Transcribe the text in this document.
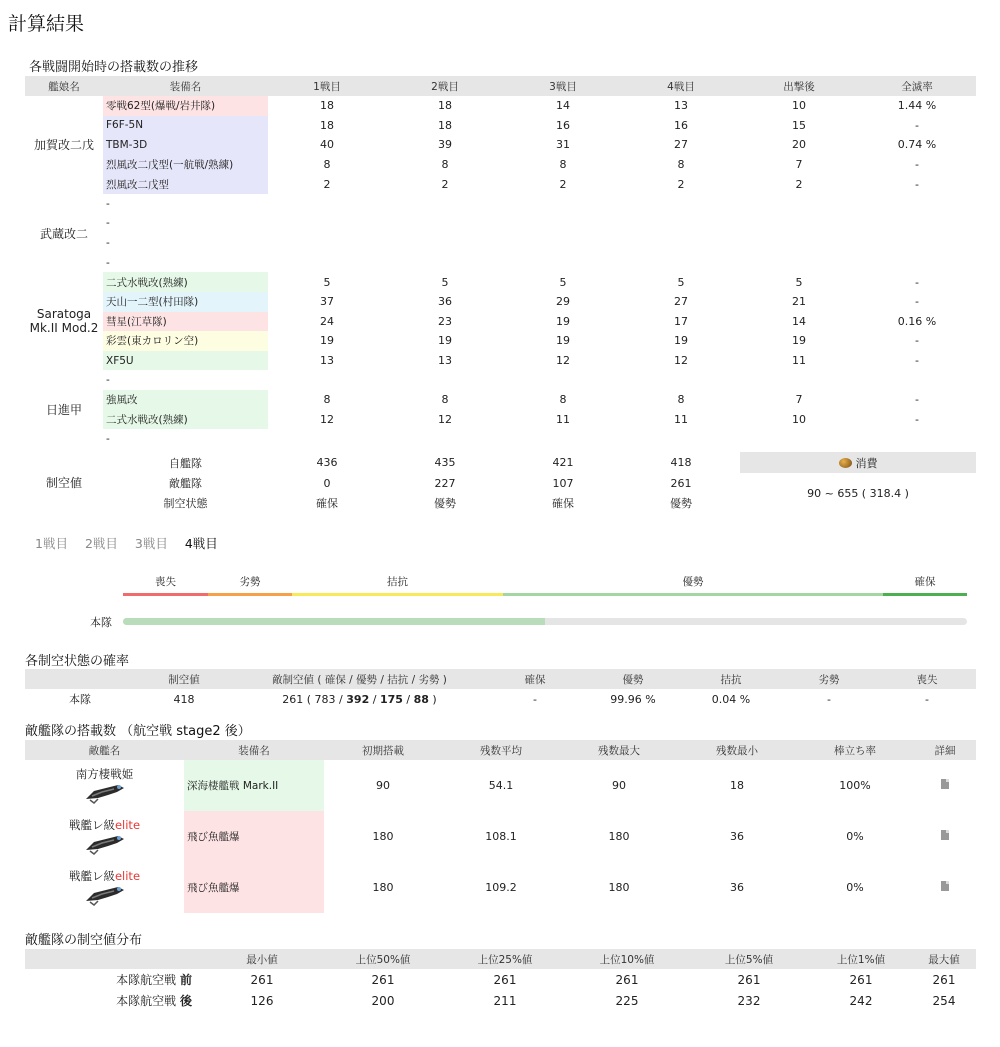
計算結果
各戦闘開始時の搭載数の推移
艦娘名	装備名	1戦目	2戦目	3戦目	4戦目	出撃後	全滅率
加賀改二戊	零戦62型(爆戦/岩井隊)	18	18	14	13	10	1.44 %
	F6F-5N	18	18	16	16	15	-
	TBM-3D	40	39	31	27	20	0.74 %
	烈風改二戊型(一航戦/熟練)	8	8	8	8	7	-
	烈風改二戊型	2	2	2	2	2	-
武蔵改二	-						
	-						
	-						
	-						
Saratoga Mk.II Mod.2	二式水戦改(熟練)	5	5	5	5	5	-
	天山一二型(村田隊)	37	36	29	27	21	-
	彗星(江草隊)	24	23	19	17	14	0.16 %
	彩雲(東カロリン空)	19	19	19	19	19	-
	XF5U	13	13	12	12	11	-
日進甲	-						
	強風改	8	8	8	8	7	-
	二式水戦改(熟練)	12	12	11	11	10	-
	-						
制空値	自艦隊	436	435	421	418	消費
	敵艦隊	0	227	107	261	90 ~ 655 ( 318.4 )
	制空状態	確保	優勢	確保	優勢	
1戦目 2戦目 3戦目 4戦目
喪失	劣勢	拮抗	優勢	確保
本隊
各制空状態の確率
	制空値	敵制空値 ( 確保 / 優勢 / 拮抗 / 劣勢 )	確保	優勢	拮抗	劣勢	喪失
本隊	418	261 ( 783 / 392 / 175 / 88 )	-	99.96 %	0.04 %	-	-
敵艦隊の搭載数 （航空戦 stage2 後）
敵艦名	装備名	初期搭載	残数平均	残数最大	残数最小	棒立ち率	詳細

南方棲戦姫	深海棲艦戦 Mark.II	90	54.1	90	18	100%	

戦艦レ級elite	飛び魚艦爆	180	108.1	180	36	0%	

戦艦レ級elite	飛び魚艦爆	180	109.2	180	36	0%	
敵艦隊の制空値分布
	最小値	上位50%値	上位25%値	上位10%値	上位5%値	上位1%値	最大値
本隊航空戦 前	261	261	261	261	261	261	261
本隊航空戦 後	126	200	211	225	232	242	254
